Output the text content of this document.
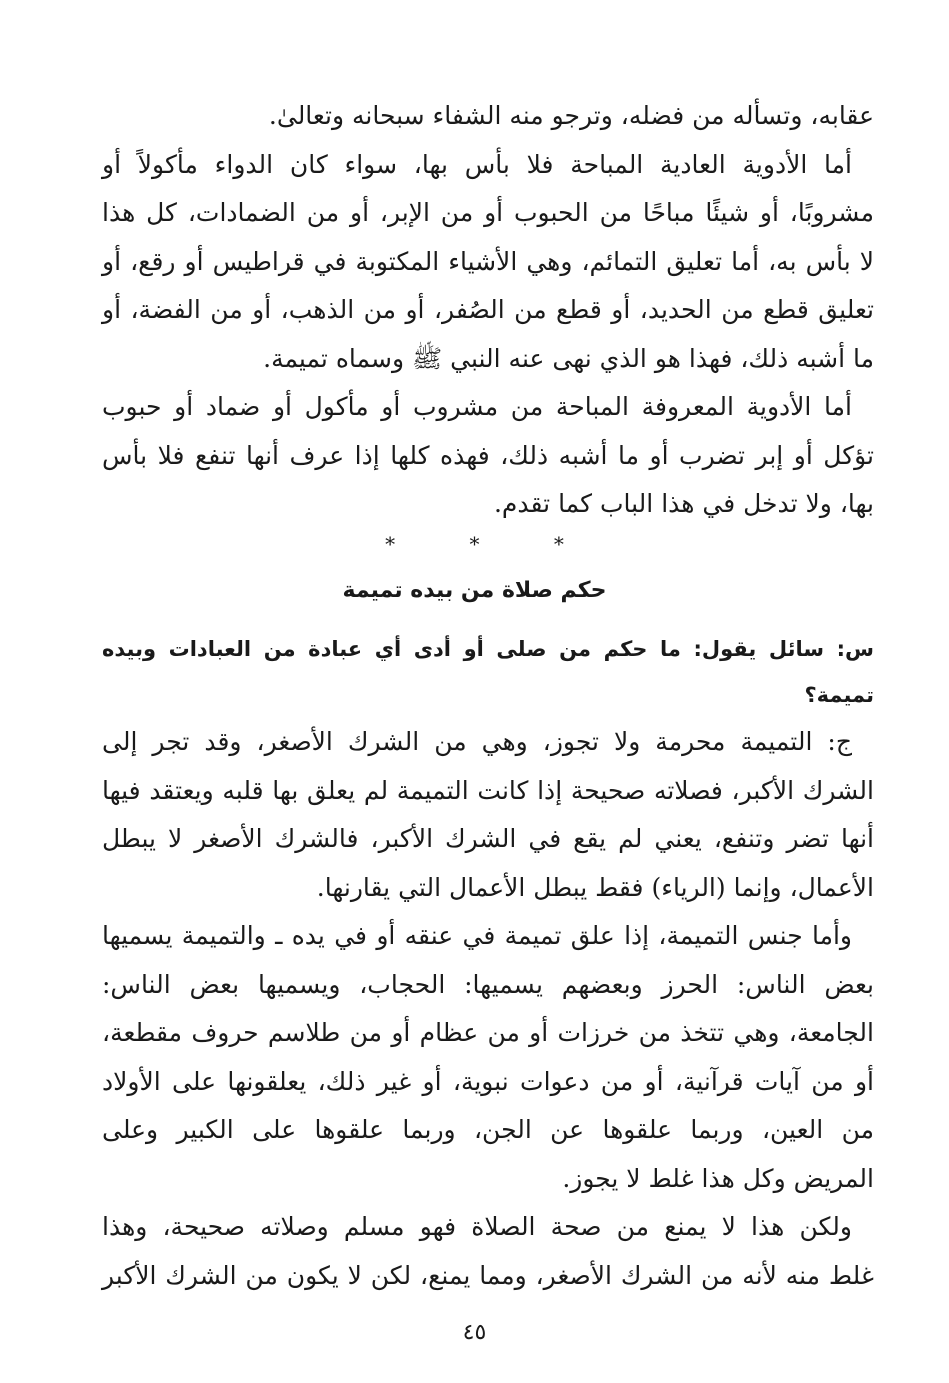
عقابه، وتسأله من فضله، وترجو منه الشفاء سبحانه وتعالىٰ.
أما الأدوية العادية المباحة فلا بأس بها، سواء كان الدواء مأكولاً أو
مشروبًا، أو شيئًا مباحًا من الحبوب أو من الإبر، أو من الضمادات، كل هذا
لا بأس به، أما تعليق التمائم، وهي الأشياء المكتوبة في قراطيس أو رقع، أو
تعليق قطع من الحديد، أو قطع من الصُفر، أو من الذهب، أو من الفضة، أو
ما أشبه ذلك، فهذا هو الذي نهى عنه النبي ﷺ وسماه تميمة.
أما الأدوية المعروفة المباحة من مشروب أو مأكول أو ضماد أو حبوب
تؤكل أو إبر تضرب أو ما أشبه ذلك، فهذه كلها إذا عرف أنها تنفع فلا بأس
بها، ولا تدخل في هذا الباب كما تقدم.
* * *
حكم صلاة من بيده تميمة
س: سائل يقول: ما حكم من صلى أو أدى أي عبادة من العبادات وبيده
تميمة؟
ج: التميمة محرمة ولا تجوز، وهي من الشرك الأصغر، وقد تجر إلى
الشرك الأكبر، فصلاته صحيحة إذا كانت التميمة لم يعلق بها قلبه ويعتقد فيها
أنها تضر وتنفع، يعني لم يقع في الشرك الأكبر، فالشرك الأصغر لا يبطل
الأعمال، وإنما (الرياء) فقط يبطل الأعمال التي يقارنها.
وأما جنس التميمة، إذا علق تميمة في عنقه أو في يده ـ والتميمة يسميها
بعض الناس: الحرز وبعضهم يسميها: الحجاب، ويسميها بعض الناس:
الجامعة، وهي تتخذ من خرزات أو من عظام أو من طلاسم حروف مقطعة،
أو من آيات قرآنية، أو من دعوات نبوية، أو غير ذلك، يعلقونها على الأولاد
من العين، وربما علقوها عن الجن، وربما علقوها على الكبير وعلى
المريض وكل هذا غلط لا يجوز.
ولكن هذا لا يمنع من صحة الصلاة فهو مسلم وصلاته صحيحة، وهذا
غلط منه لأنه من الشرك الأصغر، ومما يمنع، لكن لا يكون من الشرك الأكبر
٤٥
